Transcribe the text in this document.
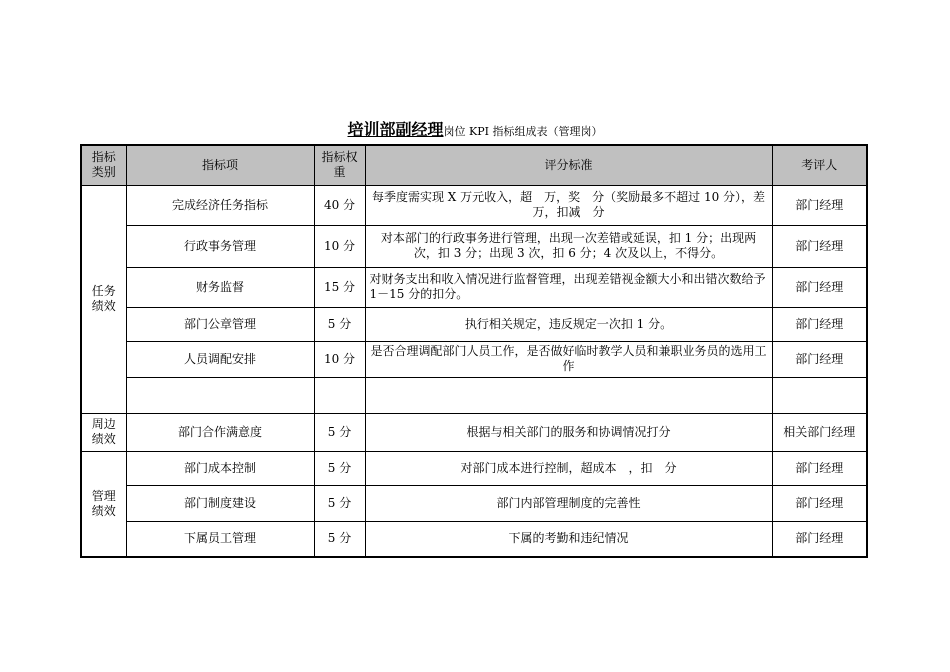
培训部副经理岗位 KPI 指标组成表（管理岗）
指标类别	指标项	指标权重	评分标准	考评人
任务绩效	完成经济任务指标	40 分	每季度需实现 X 万元收入，超　万，奖　分（奖励最多不超过 10 分），差　万，扣减　分	部门经理
	行政事务管理	10 分	对本部门的行政事务进行管理，出现一次差错或延误，扣 1 分；出现两次，扣 3 分；出现 3 次，扣 6 分；4 次及以上，不得分。	部门经理
	财务监督	15 分	对财务支出和收入情况进行监督管理，出现差错视金额大小和出错次数给予 1－15 分的扣分。	部门经理
	部门公章管理	5 分	执行相关规定，违反规定一次扣 1 分。	部门经理
	人员调配安排	10 分	是否合理调配部门人员工作，是否做好临时教学人员和兼职业务员的选用工作	部门经理

周边绩效	部门合作满意度	5 分	根据与相关部门的服务和协调情况打分	相关部门经理
管理绩效	部门成本控制	5 分	对部门成本进行控制，超成本　，扣　分	部门经理
	部门制度建设	5 分	部门内部管理制度的完善性	部门经理
	下属员工管理	5 分	下属的考勤和违纪情况	部门经理
